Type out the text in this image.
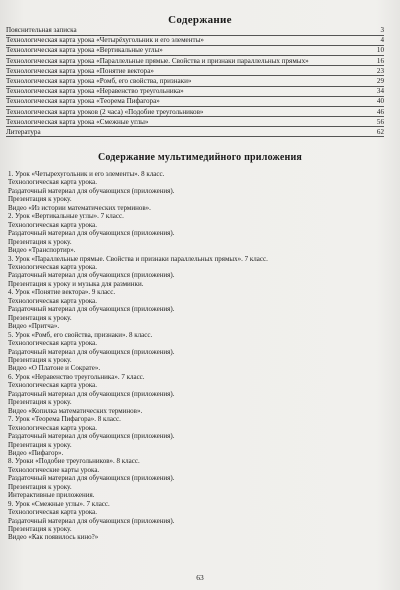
Содержание
Пояснительная записка	3
Технологическая карта урока «Четырёхугольник и его элементы»	4
Технологическая карта урока «Вертикальные углы»	10
Технологическая карта урока «Параллельные прямые. Свойства и признаки параллельных прямых»	16
Технологическая карта урока «Понятие вектора»	23
Технологическая карта урока «Ромб, его свойства, признаки»	29
Технологическая карта урока «Неравенство треугольника»	34
Технологическая карта урока «Теорема Пифагора»	40
Технологическая карта уроков (2 часа) «Подобие треугольников»	46
Технологическая карта урока «Смежные углы»	56
Литература	62
Содержание мультимедийного приложения
1. Урок «Четырехугольник и его элементы». 8 класс.
Технологическая карта урока.
Раздаточный материал для обучающихся (приложения).
Презентация к уроку.
Видео «Из истории математических терминов».
2. Урок «Вертикальные углы». 7 класс.
Технологическая карта урока.
Раздаточный материал для обучающихся (приложения).
Презентация к уроку.
Видео «Транспортир».
3. Урок «Параллельные прямые. Свойства и признаки параллельных прямых». 7 класс.
Технологическая карта урока.
Раздаточный материал для обучающихся (приложения).
Презентация к уроку и музыка для разминки.
4. Урок «Понятие вектора». 9 класс.
Технологическая карта урока.
Раздаточный материал для обучающихся (приложения).
Презентация к уроку.
Видео «Притча».
5. Урок «Ромб, его свойства, признаки». 8 класс.
Технологическая карта урока.
Раздаточный материал для обучающихся (приложения).
Презентация к уроку.
Видео «О Платоне и Сократе».
6. Урок «Неравенство треугольника». 7 класс.
Технологическая карта урока.
Раздаточный материал для обучающихся (приложения).
Презентация к уроку.
Видео «Копилка математических терминов».
7. Урок «Теорема Пифагора». 8 класс.
Технологическая карта урока.
Раздаточный материал для обучающихся (приложения).
Презентация к уроку.
Видео «Пифагор».
8. Уроки «Подобие треугольников». 8 класс.
Технологические карты урока.
Раздаточный материал для обучающихся (приложения).
Презентация к уроку.
Интерактивные приложения.
9. Урок «Смежные углы». 7 класс.
Технологическая карта урока.
Раздаточный материал для обучающихся (приложения).
Презентация к уроку.
Видео «Как появилось кино?»
63
